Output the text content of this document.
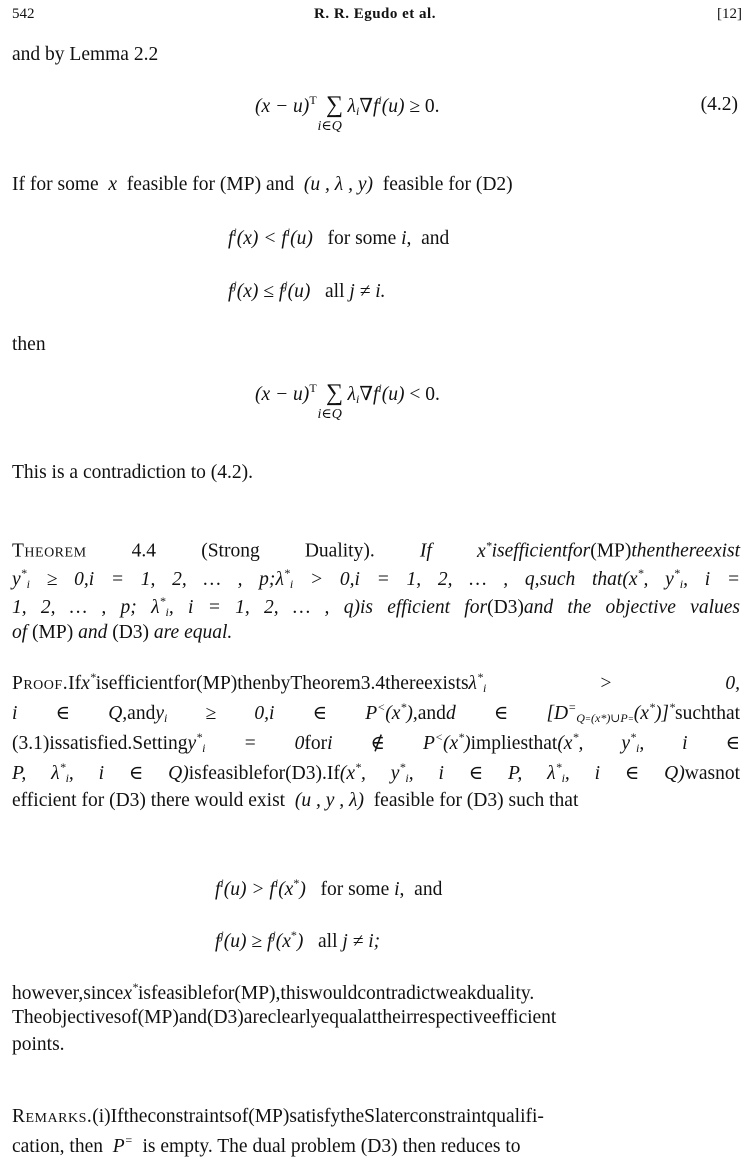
542	R. R. Egudo et al.	[12]
and by Lemma 2.2
$(x - u)^T$ ∑
i∈Q
$\lambda_i\nabla f^i(u) \ge 0$.	(4.2)
If for some  x  feasible for (MP) and  (u , λ , y)  feasible for (D2)
$f^i(x) < f^i(u)$   for some i,  and
$f^j(x) \le f^j(u)$   all j ≠ i.
then
$(x - u)^T$ ∑
i∈Q
$\lambda_i\nabla f^i(u) < 0$.
This is a contradiction to (4.2).
Theorem 4.4 (Strong Duality). If x*isefficientfor(MP)thenthereexist
$y^*_i \ge 0,i = 1$, 2, … , $p;\lambda^*_i > 0,i = 1$, 2, … , q,such that(x*, $y^*_i$, i =
1, 2, … , p; $\lambda^*_i$, i = 1, 2, … , q)is efficient for(D3)and the objective values
of (MP) and (D3) are equal.
Proof.Ifx*isefficientfor(MP)thenbyTheorem3.4thereexistsλ*$_i$ > 0,
i ∈ Q,andy$_i$ ≥ 0,i ∈ P<(x*),andd ∈ $[D^=_{Q=(x*)\cup P=}(x^*)]^*suchthat$
(3.1)issatisfied.Settingy*$_i$ = 0fori ∉ P<(x*)impliesthat(x*, $y^*_i$, i ∈
P, $\lambda^*_i$, i ∈ Q)isfeasiblefor(D3).If(x*, $y^*_i$, i ∈ P, $\lambda^*_i$, i ∈ Q)wasnot
efficient for (D3) there would exist  (u , y , λ)  feasible for (D3) such that
$f^i(u) > f^i(x^*)$   for some i,  and
$f^j(u) \ge f^j(x^*)$   all j ≠ i;
however,sincex*isfeasiblefor(MP),thiswouldcontradictweakduality.
Theobjectivesof(MP)and(D3)areclearlyequalattheirrespectiveefficient
points.
Remarks.(i)Iftheconstraintsof(MP)satisfytheSlaterconstraintqualifi-
cation, then  P=  is empty. The dual problem (D3) then reduces to
